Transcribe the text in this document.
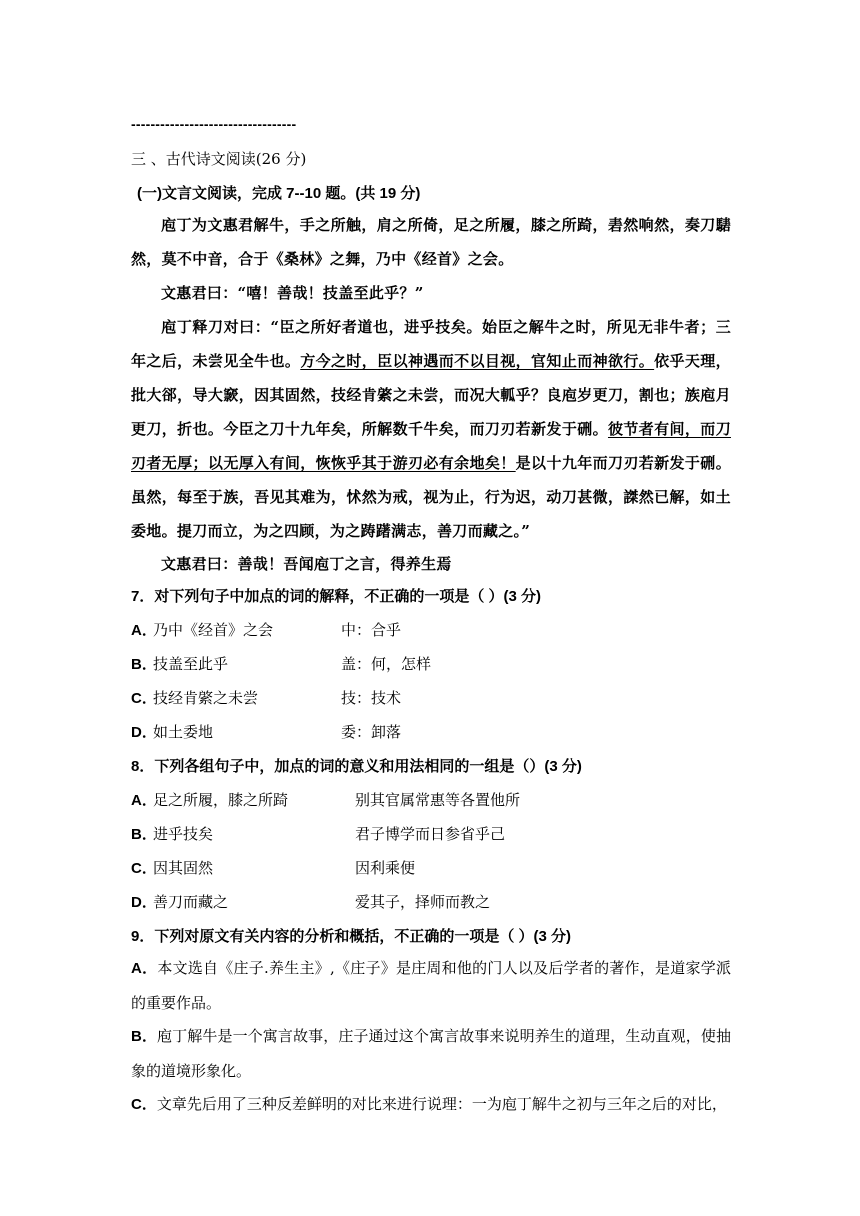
----------------------------------
三 、古代诗文阅读(26 分)
(一)文言文阅读，完成 7--10 题。(共 19 分)
庖丁为文惠君解牛，手之所触，肩之所倚，足之所履，膝之所踦，砉然响然，奏刀騞然，莫不中音，合于《桑林》之舞，乃中《经首》之会。
文惠君曰：“嘻！善哉！技盖至此乎？”
庖丁释刀对曰：“臣之所好者道也，进乎技矣。始臣之解牛之时，所见无非牛者；三年之后，未尝见全牛也。方今之时，臣以神遇而不以目视，官知止而神欲行。依乎天理，批大郤，导大窾，因其固然，技经肯綮之未尝，而况大軱乎？良庖岁更刀，割也；族庖月更刀，折也。今臣之刀十九年矣，所解数千牛矣，而刀刃若新发于硎。彼节者有间，而刀刃者无厚；以无厚入有间，恢恢乎其于游刃必有余地矣！是以十九年而刀刃若新发于硎。虽然，每至于族，吾见其难为，怵然为戒，视为止，行为迟，动刀甚微，謋然已解，如土委地。提刀而立，为之四顾，为之踌躇满志，善刀而藏之。”
文惠君曰：善哉！吾闻庖丁之言，得养生焉
7．对下列句子中加点的词的解释，不正确的一项是（ ）(3 分)
A．乃中《经首》之会	中：合乎
B．技盖至此乎	盖：何，怎样
C．技经肯綮之未尝	技：技术
D．如土委地	委：卸落
8．下列各组句子中，加点的词的意义和用法相同的一组是（）(3 分)
A．足之所履，膝之所踦	别其官属常惠等各置他所
B．进乎技矣	君子博学而日参省乎己
C．因其固然	因利乘便
D．善刀而藏之	爱其子，择师而教之
9．下列对原文有关内容的分析和概括，不正确的一项是（ ）(3 分)
A．本文选自《庄子.养生主》,《庄子》是庄周和他的门人以及后学者的著作，是道家学派的重要作品。
B．庖丁解牛是一个寓言故事，庄子通过这个寓言故事来说明养生的道理，生动直观，使抽象的道境形象化。
C．文章先后用了三种反差鲜明的对比来进行说理：一为庖丁解牛之初与三年之后的对比，
